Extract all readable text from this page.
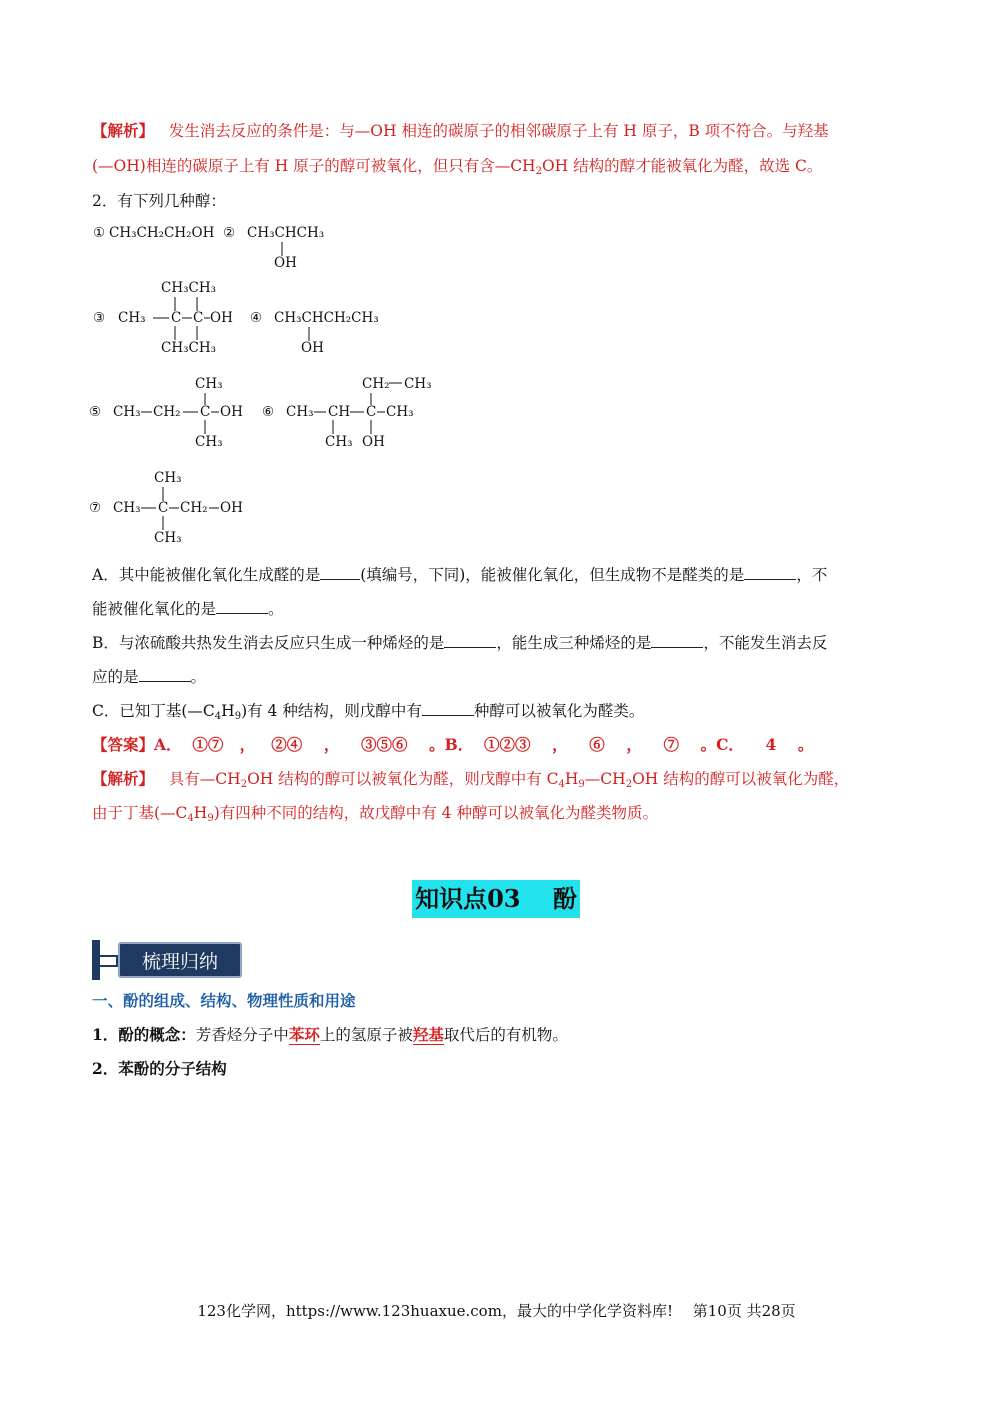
【解析】 发生消去反应的条件是：与—OH 相连的碳原子的相邻碳原子上有 H 原子，B 项不符合。与羟基
(—OH)相连的碳原子上有 H 原子的醇可被氧化，但只有含$—CH_2OH$ 结构的醇才能被氧化为醛，故选 C。
2．有下列几种醇：
① CH₃CH₂CH₂OH ② CH₃CHCH₃
OH
CH₃CH₃
③ CH₃ C C OH
CH₃CH₃
④ CH₃CHCH₂CH₃
OH
CH₃
⑤ CH₃ CH₂ C OH
CH₃
CH₂ CH₃
⑥ CH₃ CH C CH₃
CH₃ OH
CH₃
⑦ CH₃ C CH₂ OH
CH₃
A．其中能被催化氧化生成醛的是	(填编号，下同)，能被催化氧化，但生成物不是醛类的是	，不
能被催化氧化的是	。
B．与浓硫酸共热发生消去反应只生成一种烯烃的是	，能生成三种烯烃的是	，不能发生消去反
应的是	。
C．已知丁基$(—C_4H_9)$有 4 种结构，则戊醇中有	种醇可以被氧化为醛类。
【答案】A． ①⑦ ， ②④ ， ③⑤⑥ 。B． ①②③ ， ⑥ ， ⑦ 。C． 4 。
【解析】 具有$—CH_2OH$ 结构的醇可以被氧化为醛，则戊醇中有 $C_4H_9—CH_2OH$ 结构的醇可以被氧化为醛，
由于丁基$(—C_4H_9)$有四种不同的结构，故戊醇中有 4 种醇可以被氧化为醛类物质。
知识点03　 酚
梳理归纳
一、酚的组成、结构、物理性质和用途
1．酚的概念：芳香烃分子中苯环上的氢原子被羟基取代后的有机物。
2．苯酚的分子结构
123化学网，https://www.123huaxue.com，最大的中学化学资料库!　 第10页 共28页
